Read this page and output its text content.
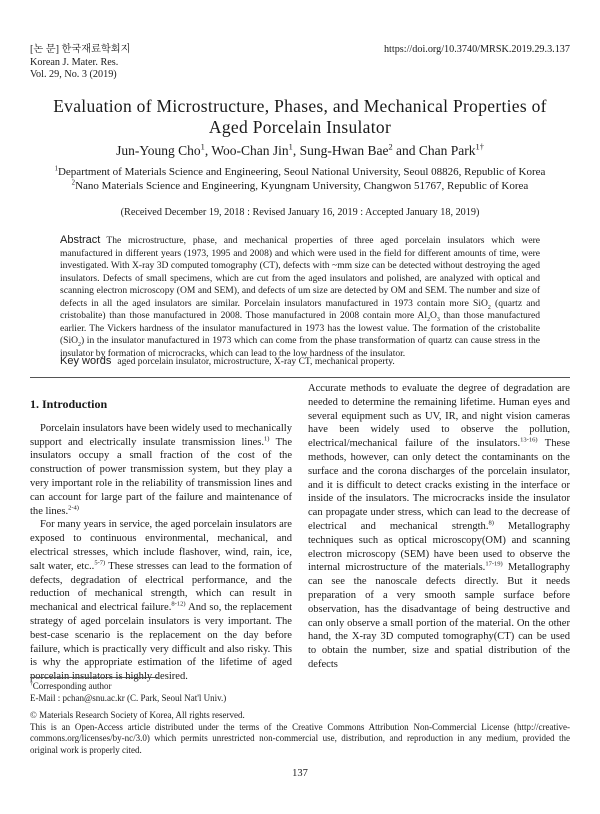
[논 문] 한국재료학회지
Korean J. Mater. Res.
Vol. 29, No. 3 (2019)
https://doi.org/10.3740/MRSK.2019.29.3.137
Evaluation of Microstructure, Phases, and Mechanical Properties of
Aged Porcelain Insulator
Jun-Young Cho$^1$, Woo-Chan Jin$^1$, Sung-Hwan Bae$^2$ and Chan Park$^{1\dagger}$
$^1$Department of Materials Science and Engineering, Seoul National University, Seoul 08826, Republic of Korea
$^2$Nano Materials Science and Engineering, Kyungnam University, Changwon 51767, Republic of Korea
(Received December 19, 2018 : Revised January 16, 2019 : Accepted January 18, 2019)
Abstract The microstructure, phase, and mechanical properties of three aged porcelain insulators which were manufactured in different years (1973, 1995 and 2008) and which were used in the field for different amounts of time, were investigated. With X-ray 3D computed tomography (CT), defects with ~mm size can be detected without destroying the aged insulators. Defects of small specimens, which are cut from the aged insulators and polished, are analyzed with optical and scanning electron microscopy (OM and SEM), and defects of um size are detected by OM and SEM. The number and size of defects in all the aged insulators are similar. Porcelain insulators manufactured in 1973 contain more SiO$_2$ (quartz and cristobalite) than those manufactured in 2008. Those manufactured in 2008 contain more $Al_2O_3$ than those manufactured earlier. The Vickers hardness of the insulator manufactured in 1973 has the lowest value. The formation of the cristobalite (SiO$_2$) in the insulator manufactured in 1973 which can come from the phase transformation of quartz can cause stress in the insulator by formation of microcracks, which can lead to the low hardness of the insulator.
Key words aged porcelain insulator, microstructure, X-ray CT, mechanical property.
1. Introduction

Porcelain insulators have been widely used to mechanically support and electrically insulate transmission lines.$^{1)}$ The insulators occupy a small fraction of the cost of the construction of power transmission system, but they play a very important role in the reliability of transmission lines and can account for large part of the failure and maintenance of the lines.$^{2-4)}$

For many years in service, the aged porcelain insulators are exposed to continuous environmental, mechanical, and electrical stresses, which include flashover, wind, rain, ice, salt water, etc..$^{5-7)}$ These stresses can lead to the formation of defects, degradation of electrical performance, and the reduction of mechanical strength, which can result in mechanical and electrical failure.$^{8-12)}$ And so, the replacement strategy of aged porcelain insulators is very important. The best-case scenario is the replacement on the day before failure, which is practically very difficult and also risky. This is why the appropriate estimation of the lifetime of aged porcelain insulators is highly desired.

Accurate methods to evaluate the degree of degradation are needed to determine the remaining lifetime. Human eyes and several equipment such as UV, IR, and night vision cameras have been widely used to observe the pollution, electrical/mechanical failure of the insulators.$^{13-16)}$ These methods, however, can only detect the contaminants on the surface and the corona discharges of the porcelain insulator, and it is difficult to detect cracks existing in the interface or inside of the insulators. The microcracks inside the insulator can propagate under stress, which can lead to the decrease of electrical and mechanical strength.$^{8)}$ Metallography techniques such as optical microscopy(OM) and scanning electron microscopy (SEM) have been used to observe the internal microstructure of the materials.$^{17-19)}$ Metallography can see the nanoscale defects directly. But it needs preparation of a very smooth sample surface before observation, has the disadvantage of being destructive and can only observe a small portion of the material. On the other hand, the X-ray 3D computed tomography(CT) can be used to obtain the number, size and spatial distribution of the defects

†Corresponding author
E-Mail : pchan@snu.ac.kr (C. Park, Seoul Nat'l Univ.)
© Materials Research Society of Korea, All rights reserved.
This is an Open-Access article distributed under the terms of the Creative Commons Attribution Non-Commercial License (http://creative-commons.org/licenses/by-nc/3.0) which permits unrestricted non-commercial use, distribution, and reproduction in any medium, provided the original work is properly cited.
137
